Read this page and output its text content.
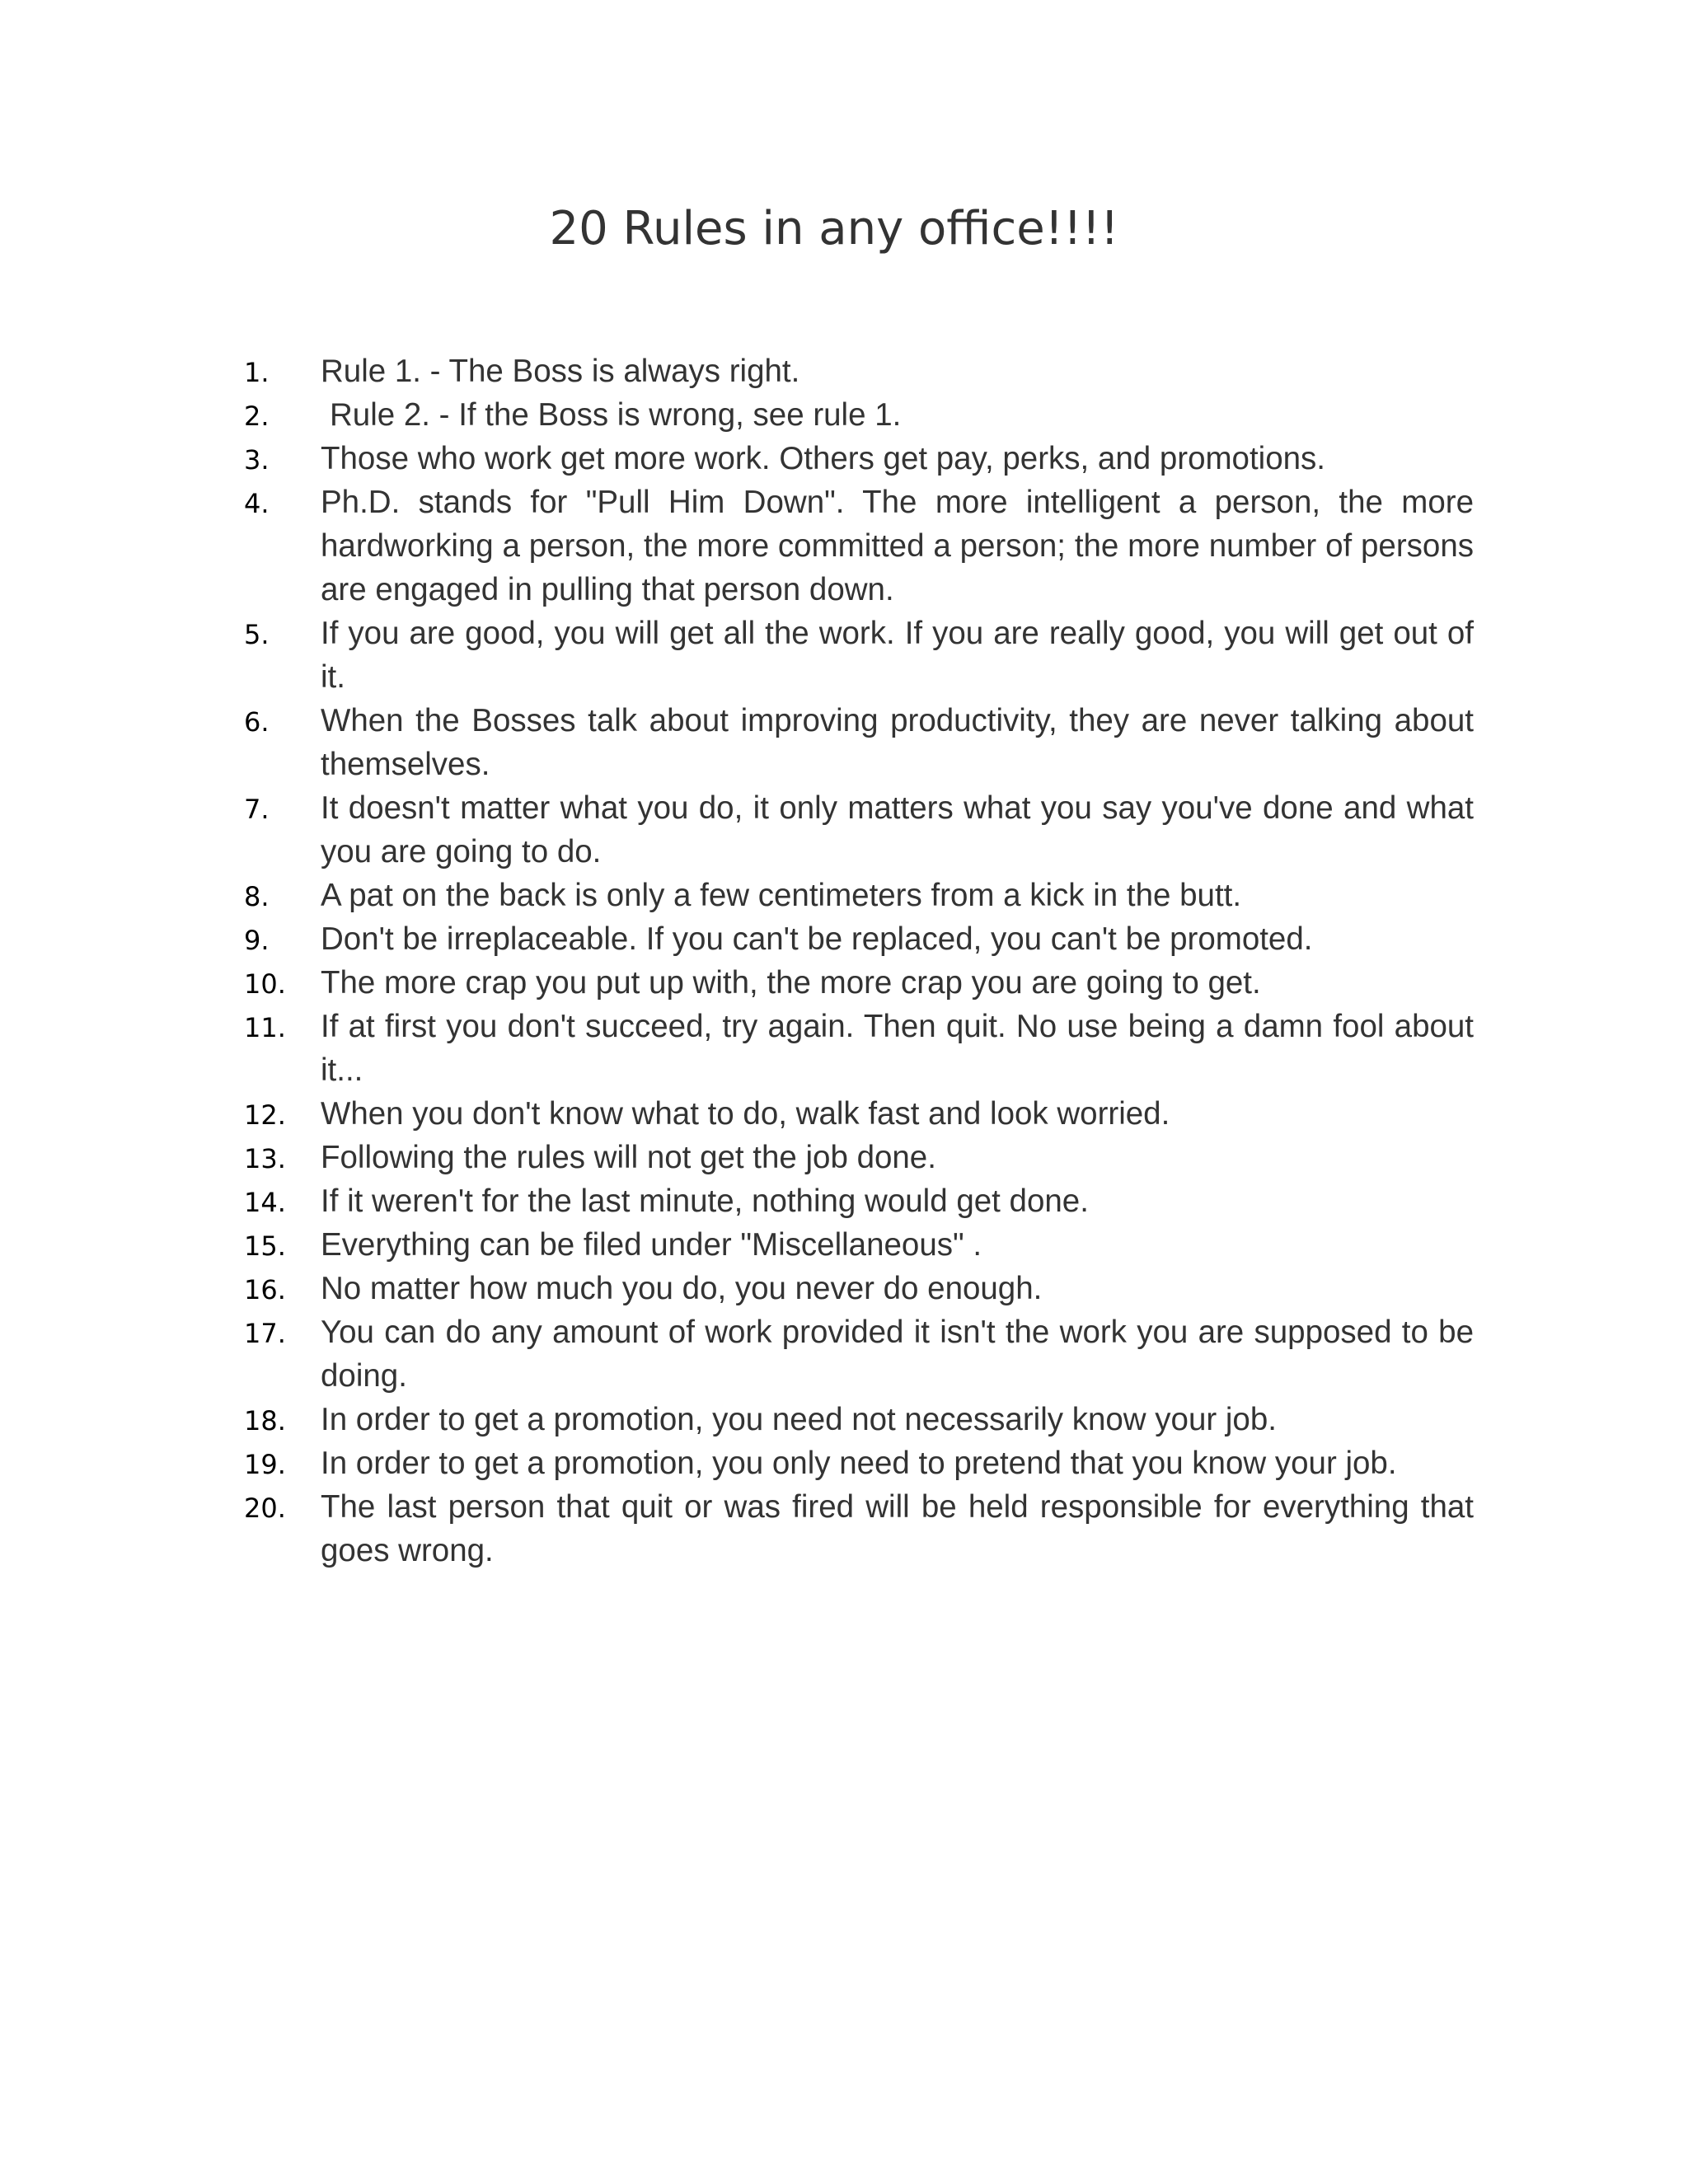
20 Rules in any office!!!!
1. Rule 1. - The Boss is always right.
2. Rule 2. - If the Boss is wrong, see rule 1.
3. Those who work get more work. Others get pay, perks, and promotions.
4. Ph.D. stands for "Pull Him Down". The more intelligent a person, the more hardworking a person, the more committed a person; the more number of persons are engaged in pulling that person down.
5. If you are good, you will get all the work. If you are really good, you will get out of it.
6. When the Bosses talk about improving productivity, they are never talking about themselves.
7. It doesn't matter what you do, it only matters what you say you've done and what you are going to do.
8. A pat on the back is only a few centimeters from a kick in the butt.
9. Don't be irreplaceable. If you can't be replaced, you can't be promoted.
10. The more crap you put up with, the more crap you are going to get.
11. If at first you don't succeed, try again. Then quit. No use being a damn fool about it...
12. When you don't know what to do, walk fast and look worried.
13. Following the rules will not get the job done.
14. If it weren't for the last minute, nothing would get done.
15. Everything can be filed under "Miscellaneous" .
16. No matter how much you do, you never do enough.
17. You can do any amount of work provided it isn't the work you are supposed to be doing.
18. In order to get a promotion, you need not necessarily know your job.
19. In order to get a promotion, you only need to pretend that you know your job.
20. The last person that quit or was fired will be held responsible for everything that goes wrong.
